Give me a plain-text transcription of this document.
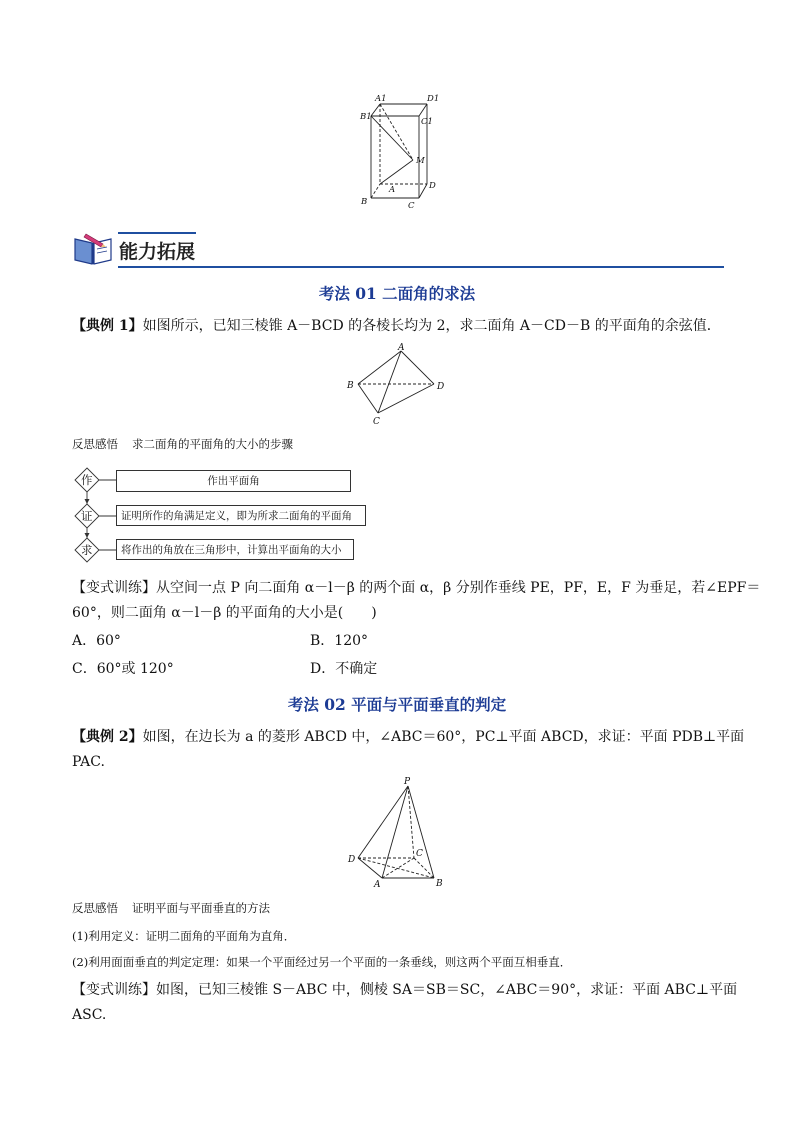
A1	D1
B1	C1
M
A	D
B	C
能力拓展
考法 01 二面角的求法
【典例 1】如图所示，已知三棱锥 A－BCD 的各棱长均为 2，求二面角 A－CD－B 的平面角的余弦值．
A
B
C
D
反思感悟 求二面角的平面角的大小的步骤
作
证
求
作出平面角
证明所作的角满足定义，即为所求二面角的平面角
将作出的角放在三角形中，计算出平面角的大小
【变式训练】从空间一点 P 向二面角 α－l－β 的两个面 α，β 分别作垂线 PE，PF，E，F 为垂足，若∠EPF＝
60°，则二面角 α－l－β 的平面角的大小是(　　)
A．60°	B．120°
C．60°或 120°	D．不确定
考法 02 平面与平面垂直的判定
【典例 2】如图，在边长为 a 的菱形 ABCD 中，∠ABC＝60°，PC⊥平面 ABCD，求证：平面 PDB⊥平面
PAC.
P
D
C
A	B
反思感悟 证明平面与平面垂直的方法
(1)利用定义：证明二面角的平面角为直角．
(2)利用面面垂直的判定定理：如果一个平面经过另一个平面的一条垂线，则这两个平面互相垂直．
【变式训练】如图，已知三棱锥 S－ABC 中，侧棱 SA＝SB＝SC，∠ABC＝90°，求证：平面 ABC⊥平面
ASC.
